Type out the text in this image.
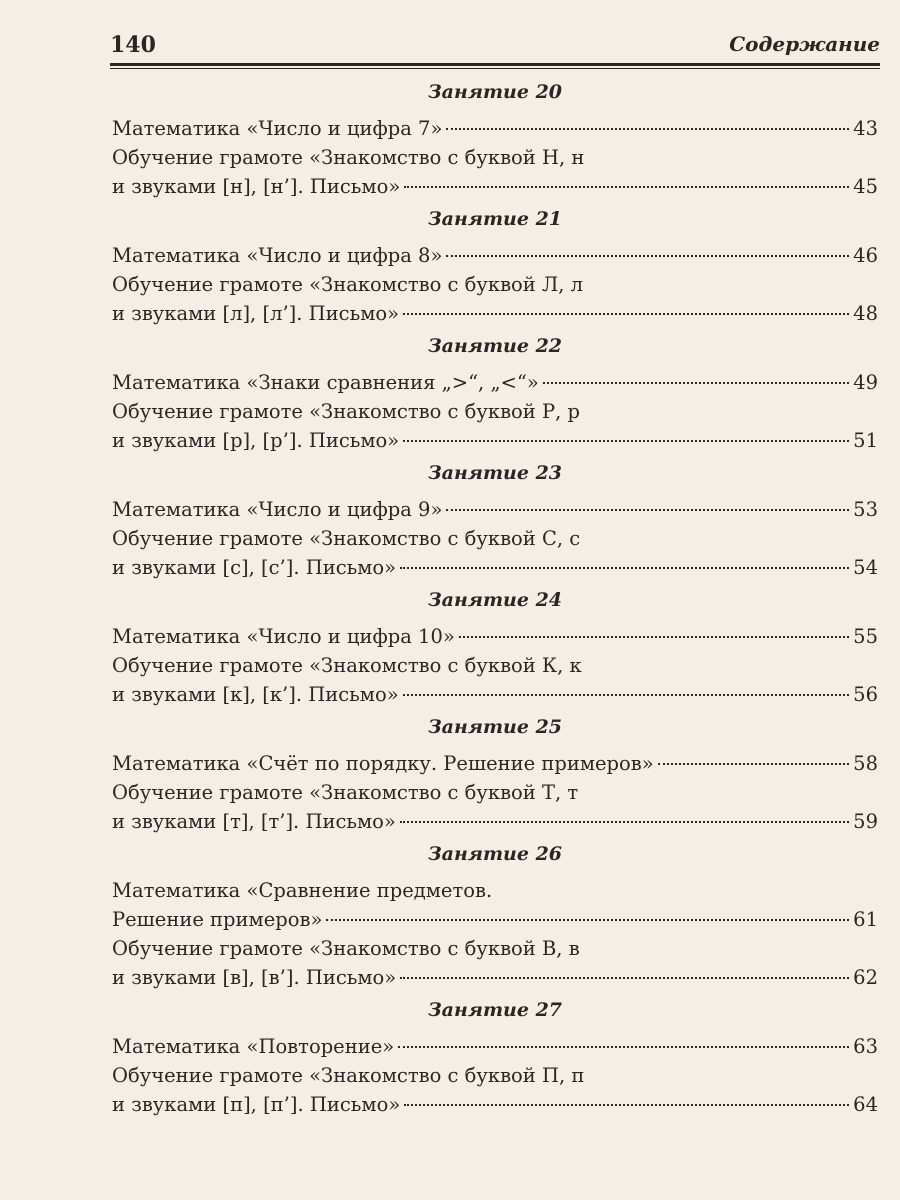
140	Содержание
Занятие 20
Математика «Число и цифра 7»	43
Обучение грамоте «Знакомство с буквой Н, н
и звуками [н], [н’]. Письмо»	45
Занятие 21
Математика «Число и цифра 8»	46
Обучение грамоте «Знакомство с буквой Л, л
и звуками [л], [л’]. Письмо»	48
Занятие 22
Математика «Знаки сравнения „>“, „<“»	49
Обучение грамоте «Знакомство с буквой Р, р
и звуками [р], [р’]. Письмо»	51
Занятие 23
Математика «Число и цифра 9»	53
Обучение грамоте «Знакомство с буквой С, с
и звуками [с], [с’]. Письмо»	54
Занятие 24
Математика «Число и цифра 10»	55
Обучение грамоте «Знакомство с буквой К, к
и звуками [к], [к’]. Письмо»	56
Занятие 25
Математика «Счёт по порядку. Решение примеров»	58
Обучение грамоте «Знакомство с буквой Т, т
и звуками [т], [т’]. Письмо»	59
Занятие 26
Математика «Сравнение предметов.
Решение примеров»	61
Обучение грамоте «Знакомство с буквой В, в
и звуками [в], [в’]. Письмо»	62
Занятие 27
Математика «Повторение»	63
Обучение грамоте «Знакомство с буквой П, п
и звуками [п], [п’]. Письмо»	64
